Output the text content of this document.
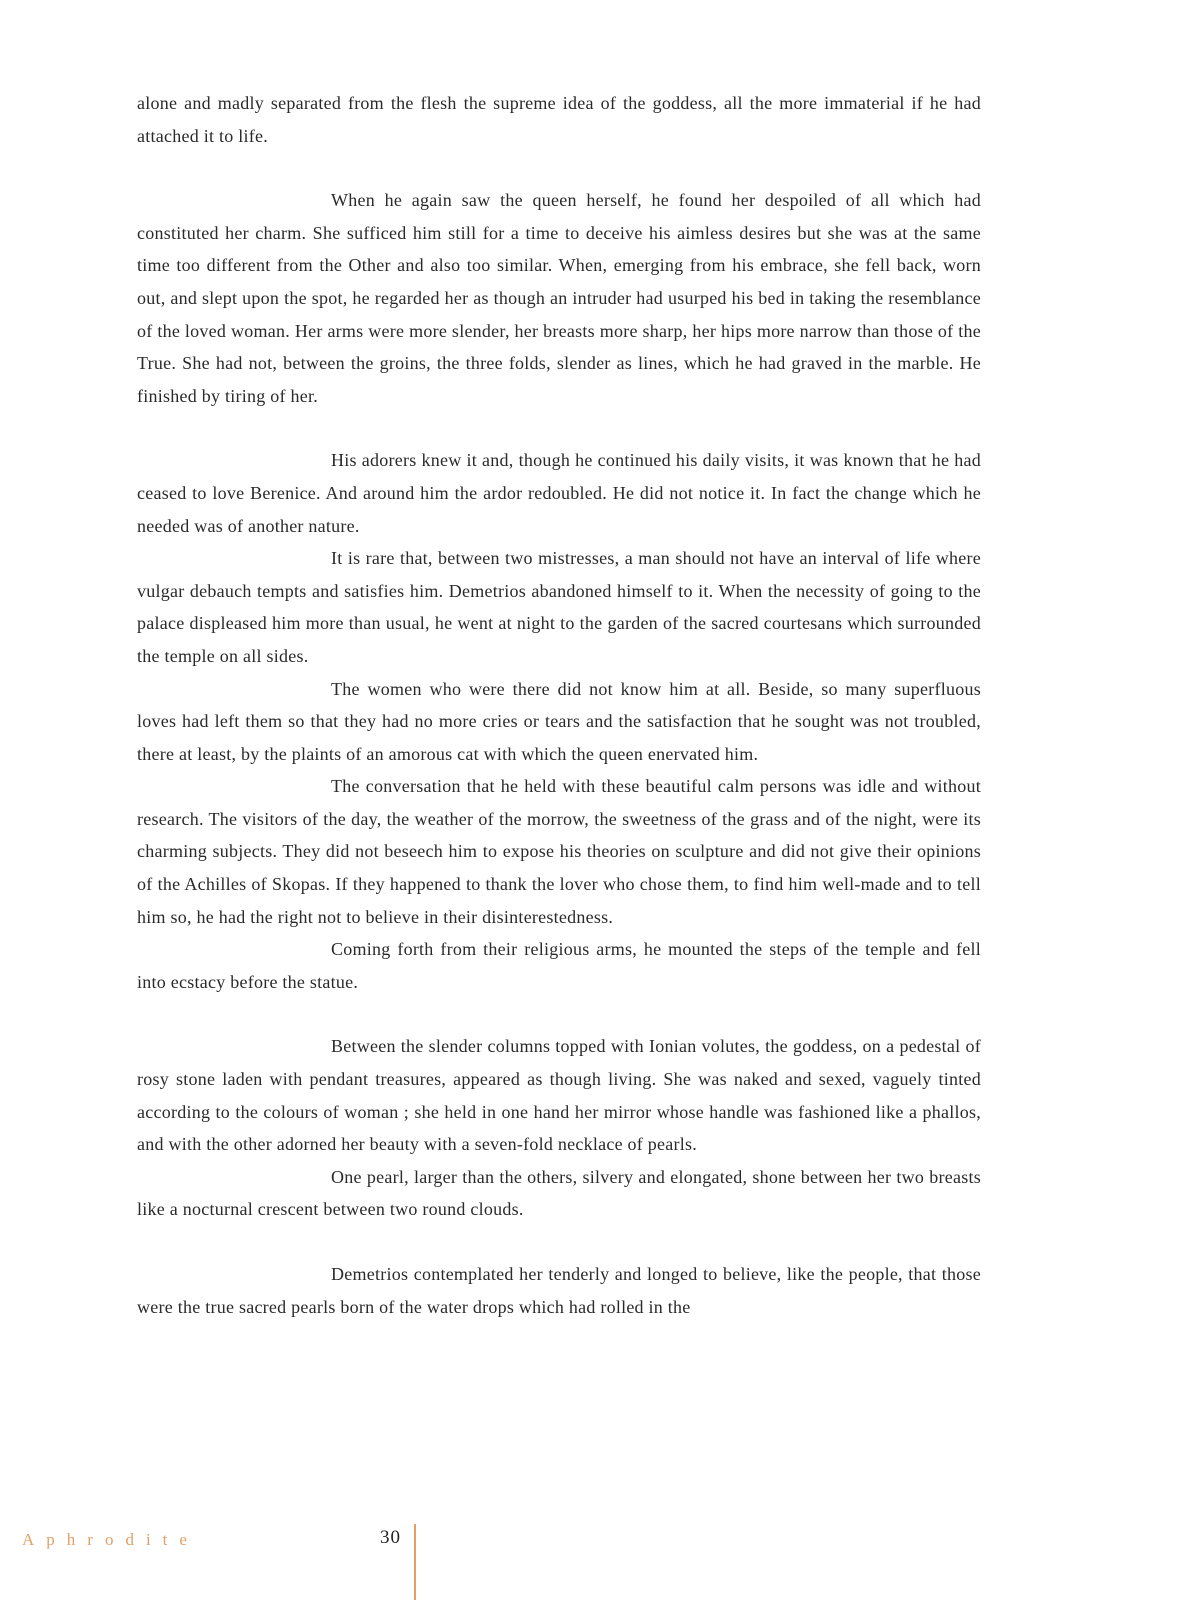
alone and madly separated from the flesh the supreme idea of the goddess, all the more immaterial if he had attached it to life.

When he again saw the queen herself, he found her despoiled of all which had constituted her charm. She sufficed him still for a time to deceive his aimless desires but she was at the same time too different from the Other and also too similar. When, emerging from his embrace, she fell back, worn out, and slept upon the spot, he regarded her as though an intruder had usurped his bed in taking the resemblance of the loved woman. Her arms were more slender, her breasts more sharp, her hips more narrow than those of the True. She had not, between the groins, the three folds, slender as lines, which he had graved in the marble. He finished by tiring of her.

His adorers knew it and, though he continued his daily visits, it was known that he had ceased to love Berenice. And around him the ardor redoubled. He did not notice it. In fact the change which he needed was of another nature.

It is rare that, between two mistresses, a man should not have an interval of life where vulgar debauch tempts and satisfies him. Demetrios abandoned himself to it. When the necessity of going to the palace displeased him more than usual, he went at night to the garden of the sacred courtesans which surrounded the temple on all sides.

The women who were there did not know him at all. Beside, so many superfluous loves had left them so that they had no more cries or tears and the satisfaction that he sought was not troubled, there at least, by the plaints of an amorous cat with which the queen enervated him.

The conversation that he held with these beautiful calm persons was idle and without research. The visitors of the day, the weather of the morrow, the sweetness of the grass and of the night, were its charming subjects. They did not beseech him to expose his theories on sculpture and did not give their opinions of the Achilles of Skopas. If they happened to thank the lover who chose them, to find him well-made and to tell him so, he had the right not to believe in their disinterestedness.

Coming forth from their religious arms, he mounted the steps of the temple and fell into ecstacy before the statue.

Between the slender columns topped with Ionian volutes, the goddess, on a pedestal of rosy stone laden with pendant treasures, appeared as though living. She was naked and sexed, vaguely tinted according to the colours of woman ; she held in one hand her mirror whose handle was fashioned like a phallos, and with the other adorned her beauty with a seven-fold necklace of pearls.

One pearl, larger than the others, silvery and elongated, shone between her two breasts like a nocturnal crescent between two round clouds.

Demetrios contemplated her tenderly and longed to believe, like the people, that those were the true sacred pearls born of the water drops which had rolled in the

Aphrodite	30
